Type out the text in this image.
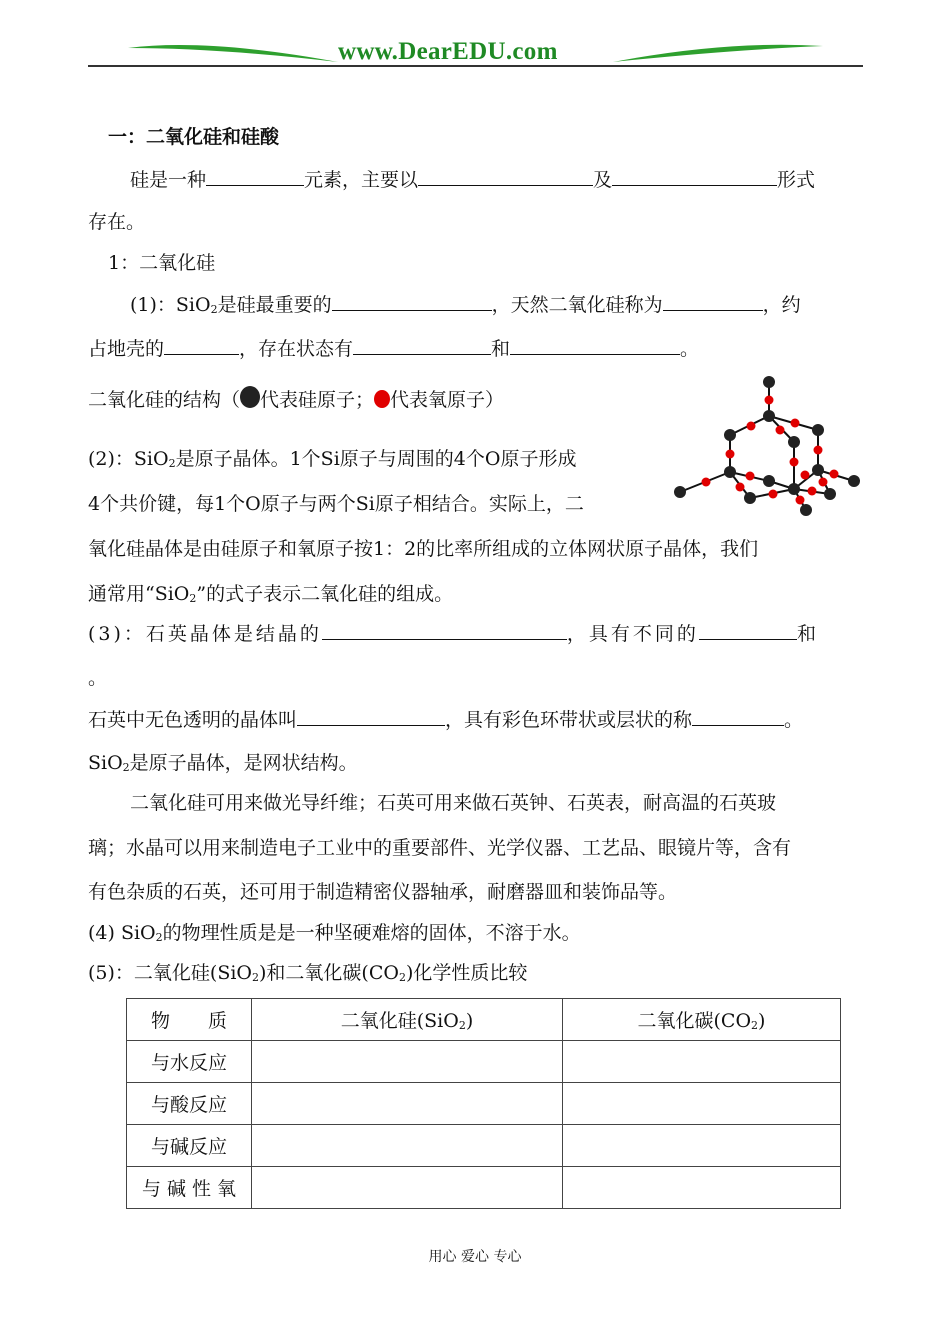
www.DearEDU.com
一：二氧化硅和硅酸
硅是一种	元素，主要以	及	形式
存在。
1：二氧化硅
(1)：SiO$_2$是硅最重要的	，天然二氧化硅称为	，约
占地壳的	，存在状态有	和	。
二氧化硅的结构（ 代表硅原子； 代表氧原子）
(2)：SiO$_2$是原子晶体。1个Si原子与周围的4个O原子形成
4个共价键，每1个O原子与两个Si原子相结合。实际上，二
氧化硅晶体是由硅原子和氧原子按1：2的比率所组成的立体网状原子晶体，我们
通常用“SiO$_2$”的式子表示二氧化硅的组成。
(3)：石英晶体是结晶的	，具有不同的	和
。
石英中无色透明的晶体叫	，具有彩色环带状或层状的称	。
SiO$_2$是原子晶体，是网状结构。
二氧化硅可用来做光导纤维；石英可用来做石英钟、石英表，耐高温的石英玻
璃；水晶可以用来制造电子工业中的重要部件、光学仪器、工艺品、眼镜片等，含有
有色杂质的石英，还可用于制造精密仪器轴承，耐磨器皿和装饰品等。
(4) SiO$_2$的物理性质是是一种坚硬难熔的固体，不溶于水。
(5)：二氧化硅(SiO$_2$)和二氧化碳$(CO_2)$化学性质比较
物　　质	二氧化硅(SiO$_2$)	二氧化碳$(CO_2)$
与水反应		
与酸反应		
与碱反应		
与 碱 性 氧		
用心 爱心 专心
